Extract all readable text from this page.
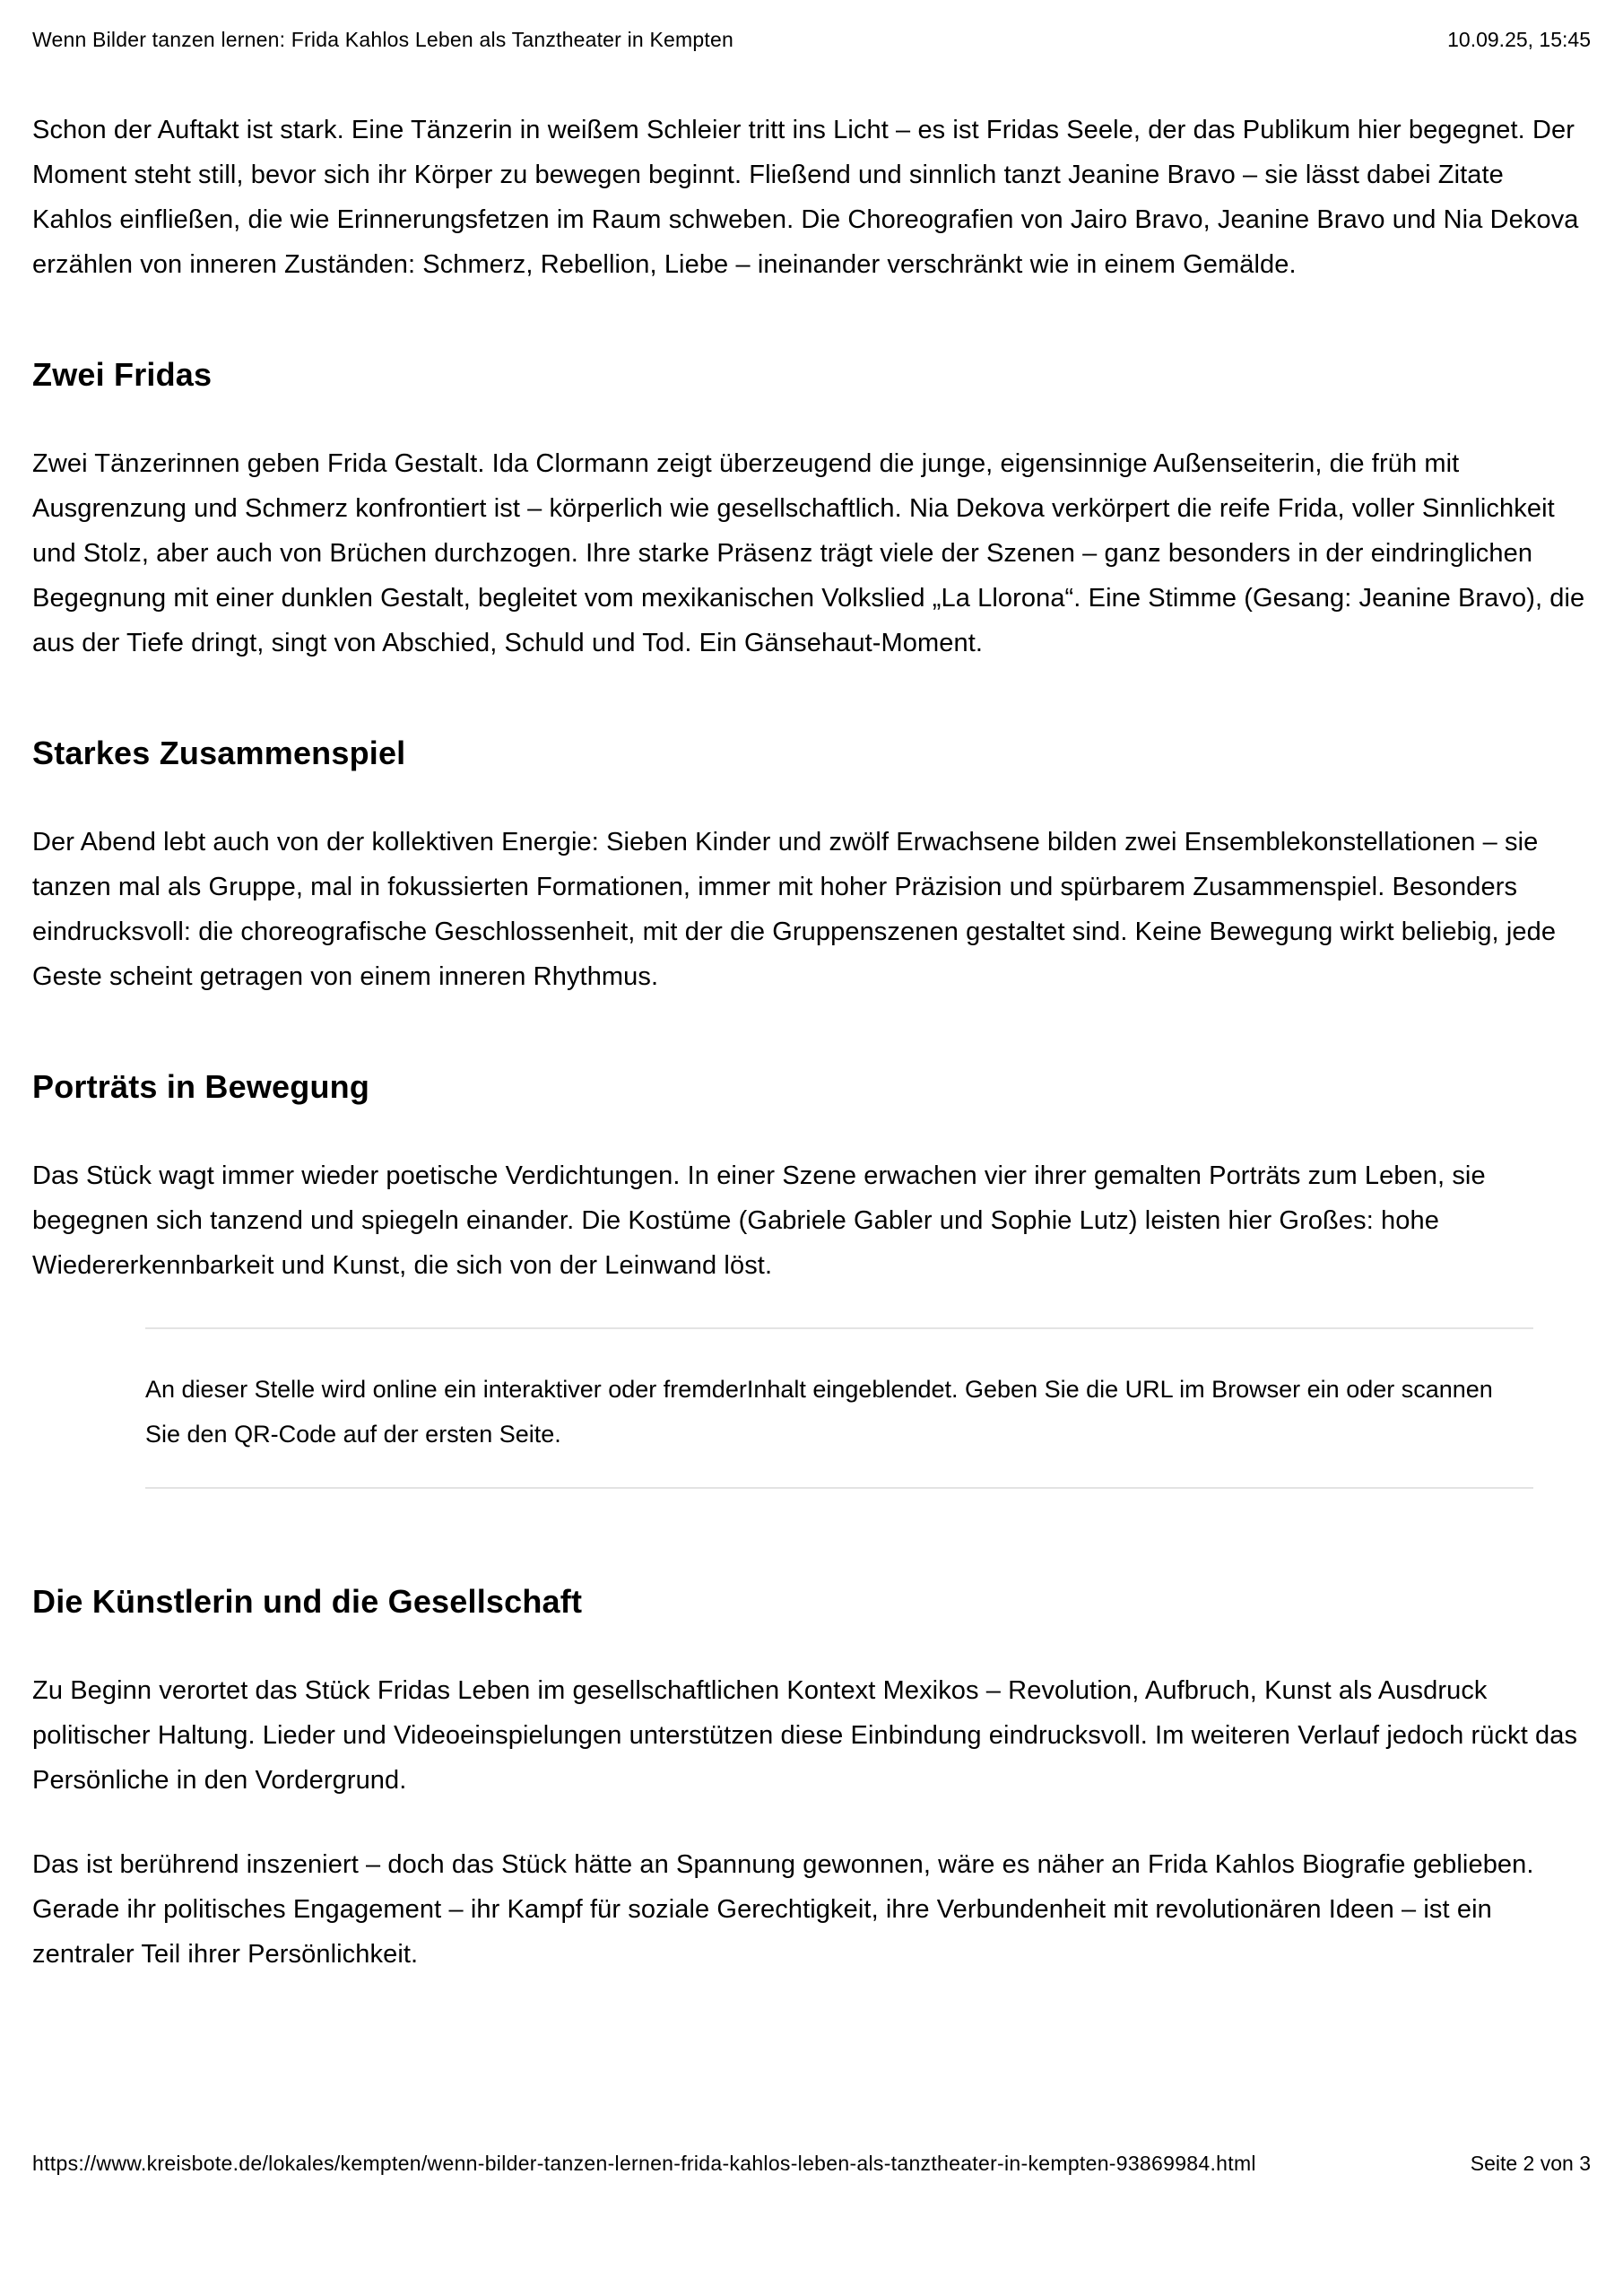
Wenn Bilder tanzen lernen: Frida Kahlos Leben als Tanztheater in Kempten	10.09.25, 15:45

Schon der Auftakt ist stark. Eine Tänzerin in weißem Schleier tritt ins Licht – es ist Fridas Seele, der das Publikum hier begegnet. Der Moment steht still, bevor sich ihr Körper zu bewegen beginnt. Fließend und sinnlich tanzt Jeanine Bravo – sie lässt dabei Zitate Kahlos einfließen, die wie Erinnerungsfetzen im Raum schweben. Die Choreografien von Jairo Bravo, Jeanine Bravo und Nia Dekova erzählen von inneren Zuständen: Schmerz, Rebellion, Liebe – ineinander verschränkt wie in einem Gemälde.

Zwei Fridas

Zwei Tänzerinnen geben Frida Gestalt. Ida Clormann zeigt überzeugend die junge, eigensinnige Außenseiterin, die früh mit Ausgrenzung und Schmerz konfrontiert ist – körperlich wie gesellschaftlich. Nia Dekova verkörpert die reife Frida, voller Sinnlichkeit und Stolz, aber auch von Brüchen durchzogen. Ihre starke Präsenz trägt viele der Szenen – ganz besonders in der eindringlichen Begegnung mit einer dunklen Gestalt, begleitet vom mexikanischen Volkslied „La Llorona“. Eine Stimme (Gesang: Jeanine Bravo), die aus der Tiefe dringt, singt von Abschied, Schuld und Tod. Ein Gänsehaut-Moment.

Starkes Zusammenspiel

Der Abend lebt auch von der kollektiven Energie: Sieben Kinder und zwölf Erwachsene bilden zwei Ensemblekonstellationen – sie tanzen mal als Gruppe, mal in fokussierten Formationen, immer mit hoher Präzision und spürbarem Zusammenspiel. Besonders eindrucksvoll: die choreografische Geschlossenheit, mit der die Gruppenszenen gestaltet sind. Keine Bewegung wirkt beliebig, jede Geste scheint getragen von einem inneren Rhythmus.

Porträts in Bewegung

Das Stück wagt immer wieder poetische Verdichtungen. In einer Szene erwachen vier ihrer gemalten Porträts zum Leben, sie begegnen sich tanzend und spiegeln einander. Die Kostüme (Gabriele Gabler und Sophie Lutz) leisten hier Großes: hohe Wiedererkennbarkeit und Kunst, die sich von der Leinwand löst.

An dieser Stelle wird online ein interaktiver oder fremderInhalt eingeblendet. Geben Sie die URL im Browser ein oder scannen Sie den QR-Code auf der ersten Seite.
Die Künstlerin und die Gesellschaft

Zu Beginn verortet das Stück Fridas Leben im gesellschaftlichen Kontext Mexikos – Revolution, Aufbruch, Kunst als Ausdruck politischer Haltung. Lieder und Videoeinspielungen unterstützen diese Einbindung eindrucksvoll. Im weiteren Verlauf jedoch rückt das Persönliche in den Vordergrund.

Das ist berührend inszeniert – doch das Stück hätte an Spannung gewonnen, wäre es näher an Frida Kahlos Biografie geblieben. Gerade ihr politisches Engagement – ihr Kampf für soziale Gerechtigkeit, ihre Verbundenheit mit revolutionären Ideen – ist ein zentraler Teil ihrer Persönlichkeit.

https://www.kreisbote.de/lokales/kempten/wenn-bilder-tanzen-lernen-frida-kahlos-leben-als-tanztheater-in-kempten-93869984.html	Seite 2 von 3
